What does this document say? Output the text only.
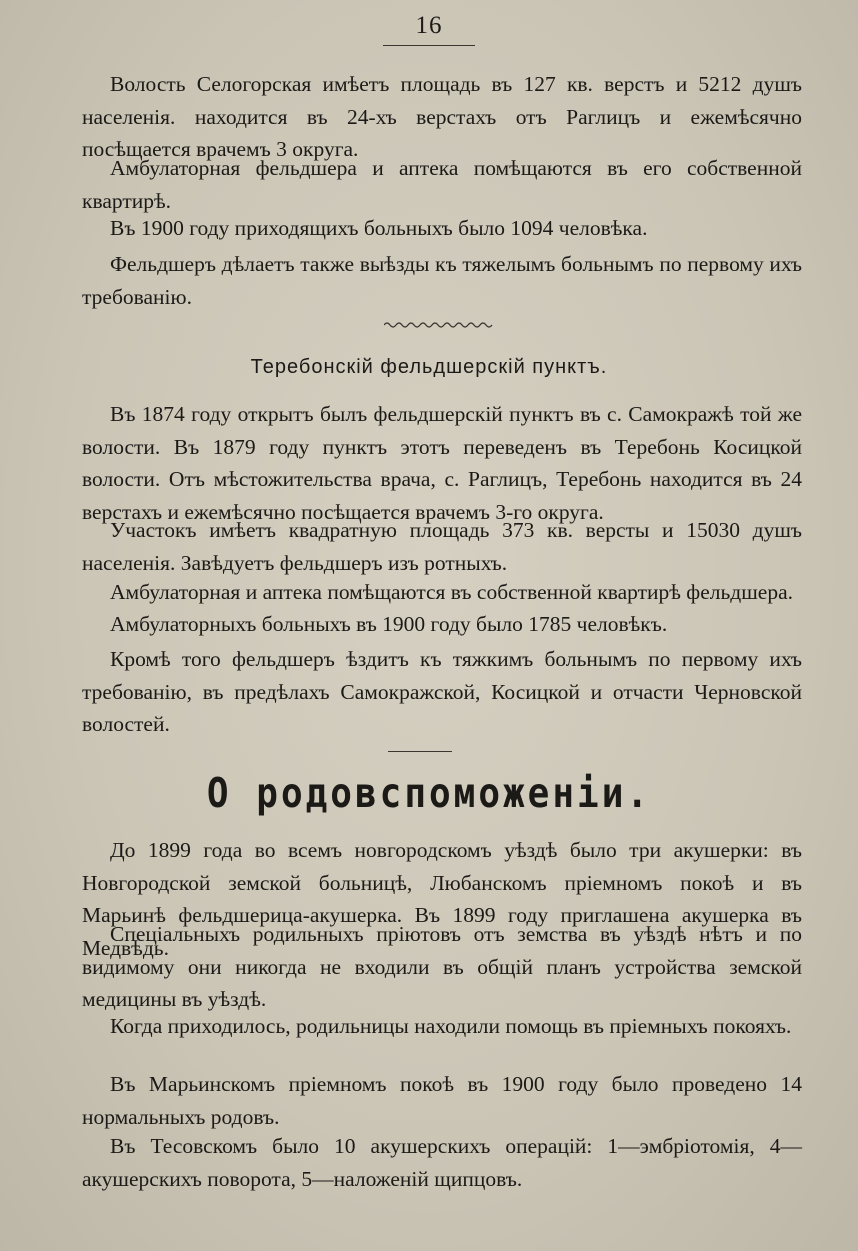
16

Волость Селогорская имѣетъ площадь въ 127 кв. верстъ и 5212 душъ населенія. находится въ 24-хъ верстахъ отъ Раглицъ и ежемѣсячно посѣщается врачемъ 3 округа.

Амбулаторная фельдшера и аптека помѣщаются въ его собственной квартирѣ.

Въ 1900 году приходящихъ больныхъ было 1094 человѣка.

Фельдшеръ дѣлаетъ также выѣзды къ тяжелымъ больнымъ по первому ихъ требованію.

Теребонскій фельдшерскій пунктъ.

Въ 1874 году открытъ былъ фельдшерскій пунктъ въ с. Самокражѣ той же волости. Въ 1879 году пунктъ этотъ переведенъ въ Теребонь Косицкой волости. Отъ мѣстожительства врача, с. Раглицъ, Теребонь находится въ 24 верстахъ и ежемѣсячно посѣщается врачемъ 3-го округа.

Участокъ имѣетъ квадратную площадь 373 кв. версты и 15030 душъ населенія. Завѣдуетъ фельдшеръ изъ ротныхъ.

Амбулаторная и аптека помѣщаются въ собственной квартирѣ фельдшера.

Амбулаторныхъ больныхъ въ 1900 году было 1785 человѣкъ.

Кромѣ того фельдшеръ ѣздитъ къ тяжкимъ больнымъ по первому ихъ требованію, въ предѣлахъ Самокражской, Косицкой и отчасти Черновской волостей.

О родовспоможеніи.

До 1899 года во всемъ новгородскомъ уѣздѣ было три акушерки: въ Новгородской земской больницѣ, Любанскомъ пріемномъ покоѣ и въ Марьинѣ фельдшерица-акушерка. Въ 1899 году приглашена акушерка въ Медвѣдь.

Спеціальныхъ родильныхъ пріютовъ отъ земства въ уѣздѣ нѣтъ и по видимому они никогда не входили въ общій планъ устройства земской медицины въ уѣздѣ.

Когда приходилось, родильницы находили помощь въ пріемныхъ покояхъ.

Въ Марьинскомъ пріемномъ покоѣ въ 1900 году было проведено 14 нормальныхъ родовъ.

Въ Тесовскомъ было 10 акушерскихъ операцій: 1—эмбріотомія, 4—акушерскихъ поворота, 5—наложеній щипцовъ.
